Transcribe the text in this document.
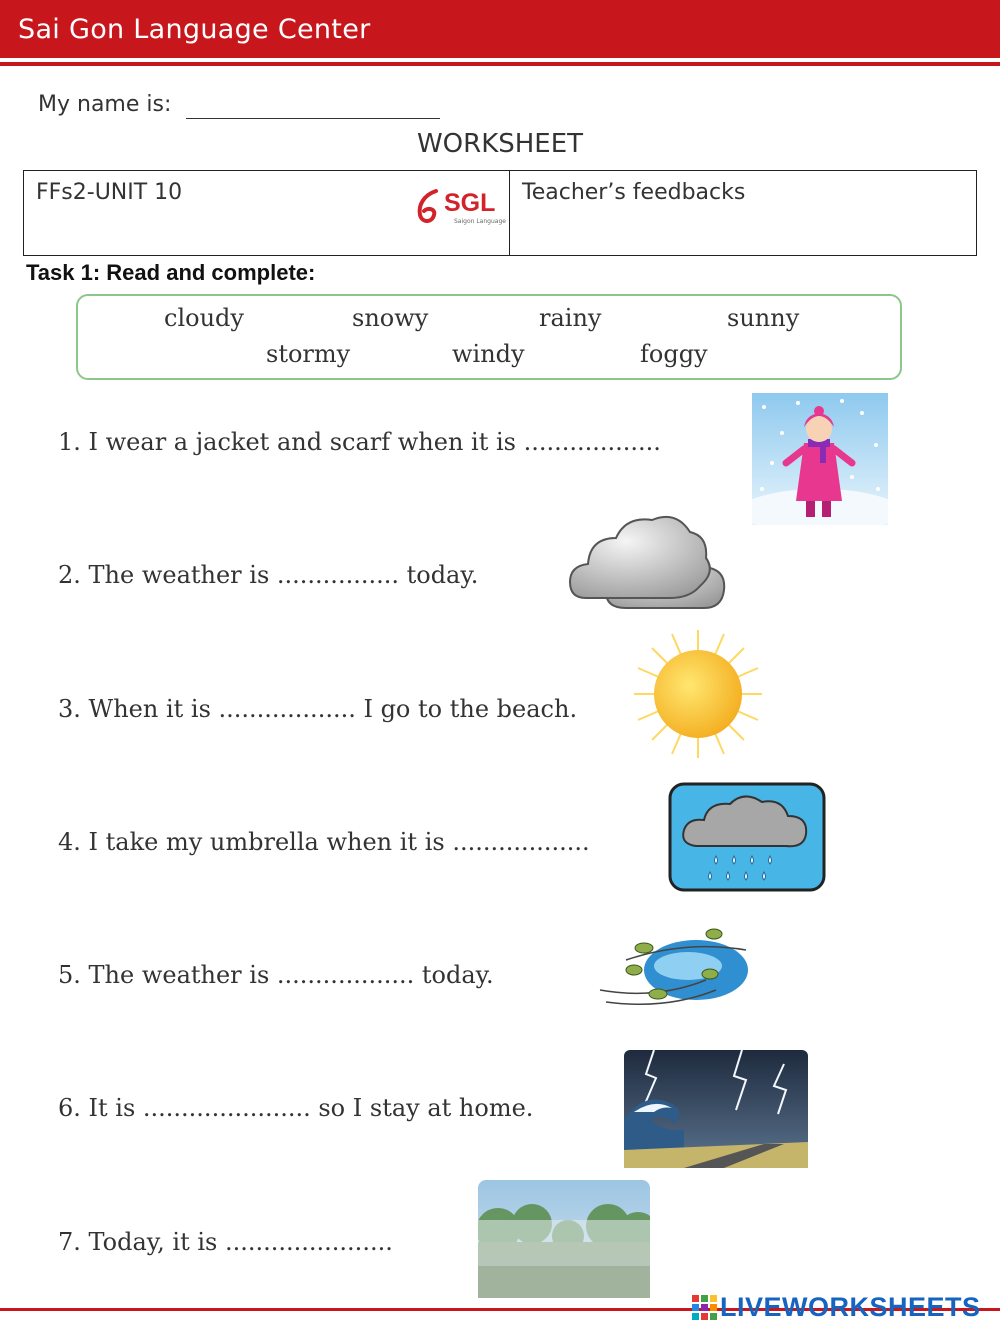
Sai Gon Language Center
My name is:
WORKSHEET
FFs2-UNIT 10	SGL
Saigon Language
Teacher’s feedbacks
Task 1: Read and complete:
cloudy	snowy	rainy	sunny
stormy	windy	foggy
1. I wear a jacket and scarf when it is ..................
2. The weather is ................ today.
3. When it is .................. I go to the beach.
4. I take my umbrella when it is ..................
5. The weather is .................. today.
6. It is ...................... so I stay at home.
7. Today, it is ......................
LIVEWORKSHEETS
